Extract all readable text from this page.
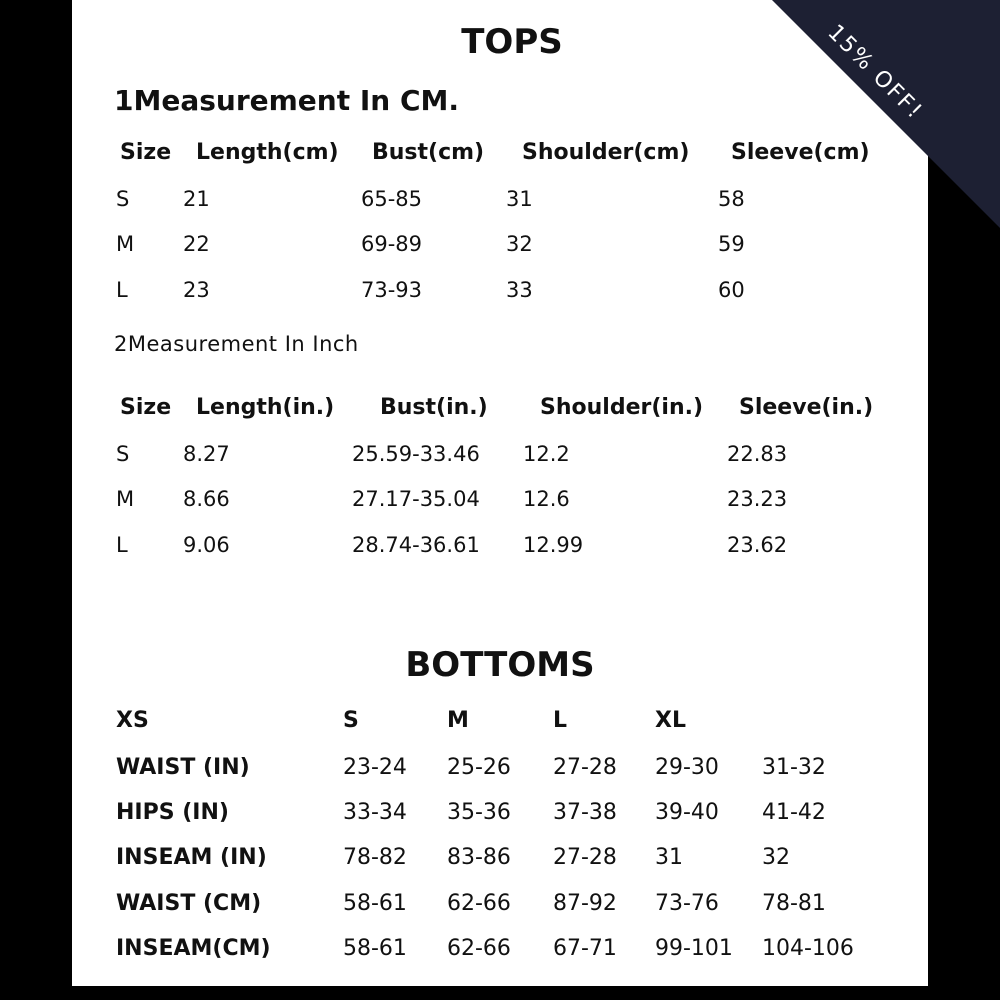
15% OFF!
TOPS
1Measurement In CM.
Size Length(cm) Bust(cm) Shoulder(cm) Sleeve(cm)
S	21	65-85	31	58
M 22	69-89	32	59
L	23	73-93	33	60
2Measurement In Inch
Size Length(in.) Bust(in.) Shoulder(in.) Sleeve(in.)
S	8.27	25.59-33.46 12.2	22.83
M 8.66	27.17-35.04 12.6	23.23
L	9.06	28.74-36.61 12.99	23.62
BOTTOMS
XS	S	M	L	XL
WAIST (IN)	23-24 25-26 27-28 29-30 31-32
HIPS (IN)	33-34 35-36 37-38 39-40 41-42
INSEAM (IN)	78-82 83-86 27-28 31	32
WAIST (CM)	58-61 62-66 87-92 73-76 78-81
INSEAM(CM)	58-61 62-66 67-71 99-101 104-106
